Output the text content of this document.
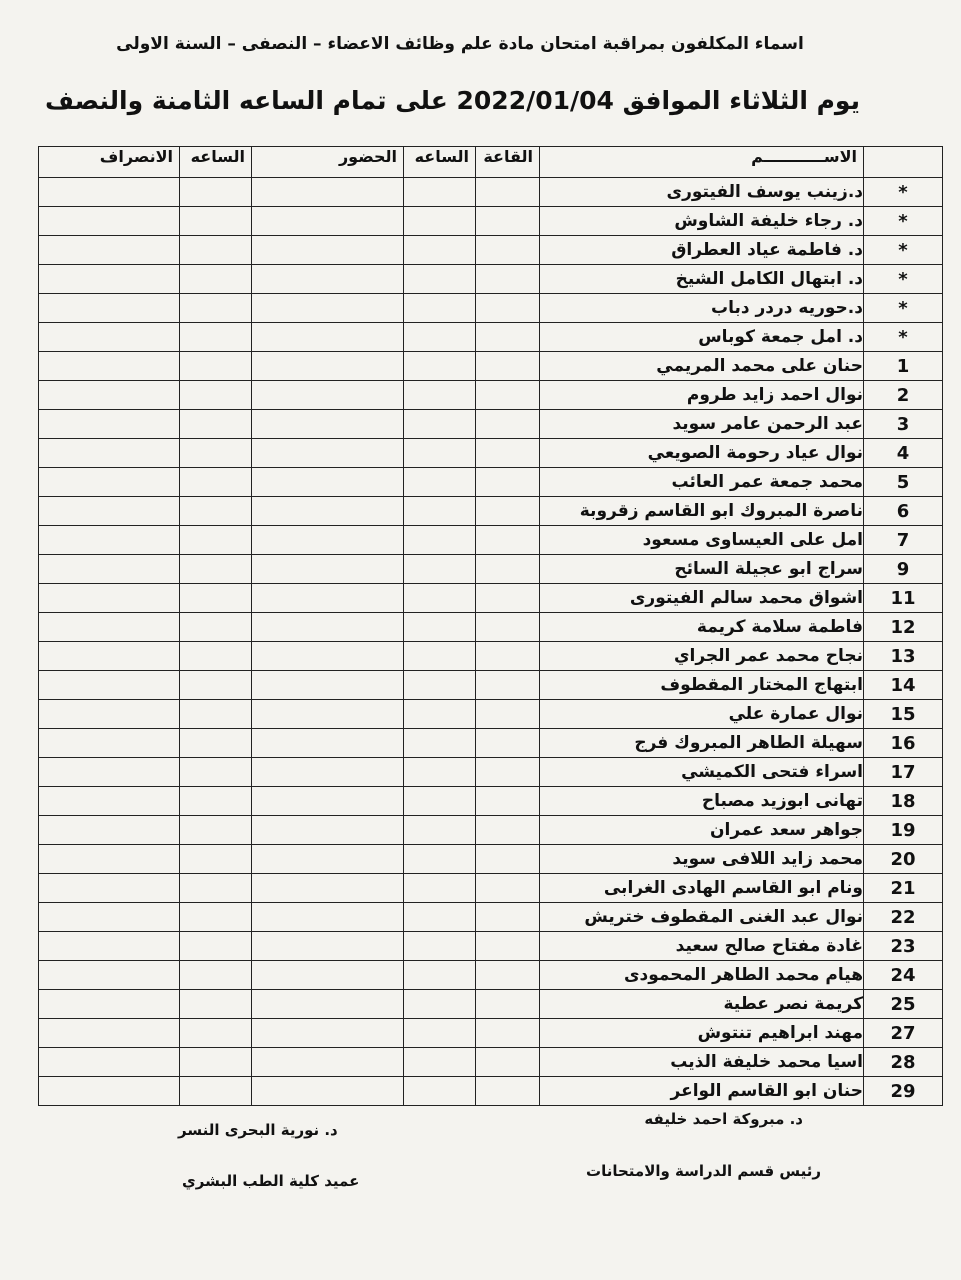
اسماء المكلفون بمراقبة امتحان مادة علم وظائف الاعضاء – النصفى – السنة الاولى
يوم الثلاثاء الموافق 2022/01/04 على تمام الساعه الثامنة والنصف
	الاســـــــــــم	القاعة	الساعه	الحضور	الساعه	الانصراف
*	د.زينب يوسف الفيتورى					
*	د. رجاء خليفة الشاوش					
*	د. فاطمة عياد العطراق					
*	د. ابتهال الكامل الشيخ					
*	د.حوريه دردر دباب					
*	د. امل جمعة كوباس					
1	حنان على محمد المريمي					
2	نوال احمد زايد طروم					
3	عبد الرحمن عامر سويد					
4	نوال عياد رحومة الصويعي					
5	محمد جمعة عمر العائب					
6	ناصرة المبروك ابو القاسم زقروبة					
7	امل على العيساوى مسعود					
9	سراج ابو عجيلة السائح					
11	اشواق محمد سالم الفيتورى					
12	فاطمة سلامة كريمة					
13	نجاح محمد عمر الجراي					
14	ابتهاج المختار المقطوف					
15	نوال عمارة علي					
16	سهيلة الطاهر المبروك فرج					
17	اسراء فتحى الكميشي					
18	تهانى ابوزيد مصباح					
19	جواهر سعد عمران					
20	محمد زايد اللافى سويد					
21	ونام ابو القاسم الهادى الغرابى					
22	نوال عبد الغنى المقطوف ختريش					
23	غادة مفتاح صالح سعيد					
24	هيام محمد الطاهر المحمودى					
25	كريمة نصر عطية					
27	مهند ابراهيم تنتوش					
28	اسيا محمد خليفة الذيب					
29	حنان ابو القاسم الواعر					
د. مبروكة احمد خليفه
د. نورية البحرى النسر
رئيس قسم الدراسة والامتحانات
عميد كلية الطب البشري
